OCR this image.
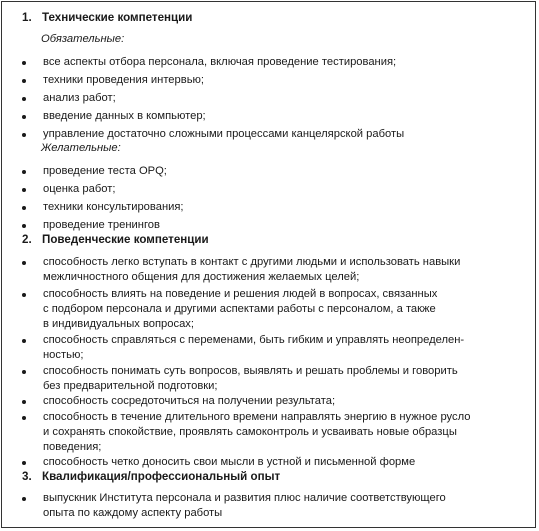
1. Технические компетенции
Обязательные:
все аспекты отбора персонала, включая проведение тестирования;
техники проведения интервью;
анализ работ;
введение данных в компьютер;
управление достаточно сложными процессами канцелярской работы
Желательные:
проведение теста OPQ;
оценка работ;
техники консультирования;
проведение тренингов
2. Поведенческие компетенции
способность легко вступать в контакт с другими людьми и использовать навыки
межличностного общения для достижения желаемых целей;
способность влиять на поведение и решения людей в вопросах, связанных
с подбором персонала и другими аспектами работы с персоналом, а также
в индивидуальных вопросах;
способность справляться с переменами, быть гибким и управлять неопределен-
ностью;
способность понимать суть вопросов, выявлять и решать проблемы и говорить
без предварительной подготовки;
способность сосредоточиться на получении результата;
способность в течение длительного времени направлять энергию в нужное русло
и сохранять спокойствие, проявлять самоконтроль и усваивать новые образцы
поведения;
способность четко доносить свои мысли в устной и письменной форме
3. Квалификация/профессиональный опыт
выпускник Института персонала и развития плюс наличие соответствующего
опыта по каждому аспекту работы
